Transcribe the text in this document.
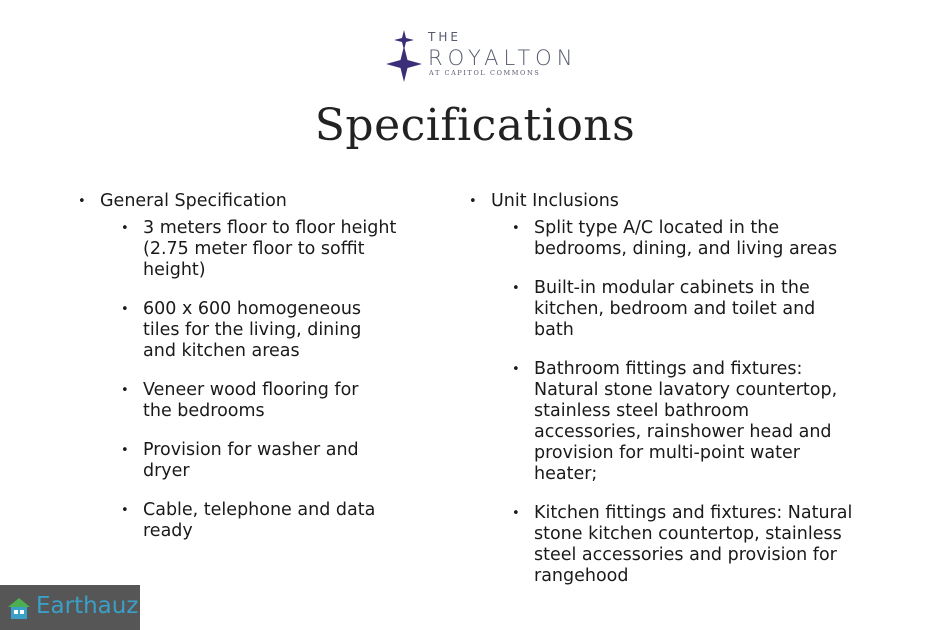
THE
ROYALTON
AT CAPITOL COMMONS
Specifications
• General Specification
• 3 meters floor to floor height
(2.75 meter floor to soffit
height)
• 600 x 600 homogeneous
tiles for the living, dining
and kitchen areas
• Veneer wood flooring for
the bedrooms
• Provision for washer and
dryer
• Cable, telephone and data
ready
• Unit Inclusions
• Split type A/C located in the
bedrooms, dining, and living areas
• Built-in modular cabinets in the
kitchen, bedroom and toilet and
bath
• Bathroom fittings and fixtures:
Natural stone lavatory countertop,
stainless steel bathroom
accessories, rainshower head and
provision for multi-point water
heater;
• Kitchen fittings and fixtures: Natural
stone kitchen countertop, stainless
steel accessories and provision for
rangehood
Earthauz
